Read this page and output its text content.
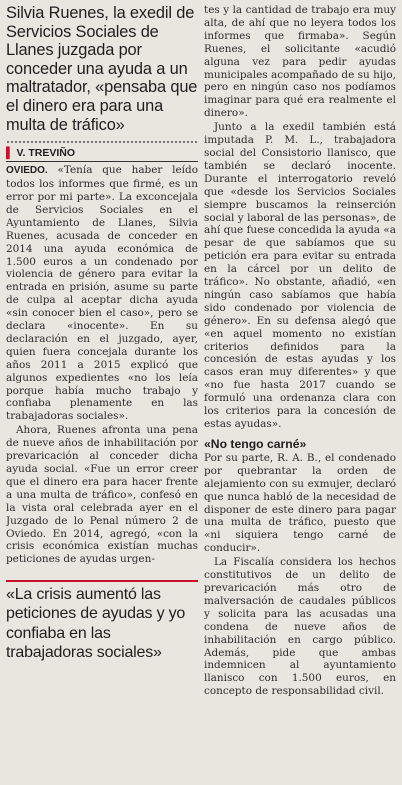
Silvia Ruenes, la exedil de Servicios Sociales de Llanes juzgada por conceder una ayuda a un maltratador, «pensaba que el dinero era para una multa de tráfico»
▌ V. TREVIÑO

OVIEDO. «Tenía que haber leído todos los informes que firmé, es un error por mi parte». La exconcejala de Servicios Sociales en el Ayuntamiento de Llanes, Silvia Ruenes, acusada de conceder en 2014 una ayuda económica de 1.500 euros a un condenado por violencia de género para evitar la entrada en prisión, asume su parte de culpa al aceptar dicha ayuda «sin conocer bien el caso», pero se declara «inocente». En su declaración en el juzgado, ayer, quien fuera concejala durante los años 2011 a 2015 explicó que algunos expedientes «no los leía porque había mucho trabajo y confiaba plenamente en las trabajadoras sociales».

Ahora, Ruenes afronta una pena de nueve años de inhabilitación por prevaricación al conceder dicha ayuda social. «Fue un error creer que el dinero era para hacer frente a una multa de tráfico», confesó en la vista oral celebrada ayer en el Juzgado de lo Penal número 2 de Oviedo. En 2014, agregó, «con la crisis económica existían muchas peticiones de ayudas urgen-

«La crisis aumentó las peticiones de ayudas y yo confiaba en las trabajadoras sociales»

tes y la cantidad de trabajo era muy alta, de ahí que no leyera todos los informes que firmaba». Según Ruenes, el solicitante «acudió alguna vez para pedir ayudas municipales acompañado de su hijo, pero en ningún caso nos podíamos imaginar para qué era realmente el dinero».

Junto a la exedil también está imputada P. M. L., trabajadora social del Consistorio llanisco, que también se declaró inocente. Durante el interrogatorio reveló que «desde los Servicios Sociales siempre buscamos la reinserción social y laboral de las personas», de ahí que fuese concedida la ayuda «a pesar de que sabíamos que su petición era para evitar su entrada en la cárcel por un delito de tráfico». No obstante, añadió, «en ningún caso sabíamos que había sido condenado por violencia de género». En su defensa alegó que «en aquel momento no existían criterios definidos para la concesión de estas ayudas y los casos eran muy diferentes» y que «no fue hasta 2017 cuando se formuló una ordenanza clara con los criterios para la concesión de estas ayudas».

«No tengo carné»

Por su parte, R. A. B., el condenado por quebrantar la orden de alejamiento con su exmujer, declaró que nunca habló de la necesidad de disponer de este dinero para pagar una multa de tráfico, puesto que «ni siquiera tengo carné de conducir».

La Fiscalía considera los hechos constitutivos de un delito de prevaricación más otro de malversación de caudales públicos y solicita para las acusadas una condena de nueve años de inhabilitación en cargo público. Además, pide que ambas indemnicen al ayuntamiento llanisco con 1.500 euros, en concepto de responsabilidad civil.
